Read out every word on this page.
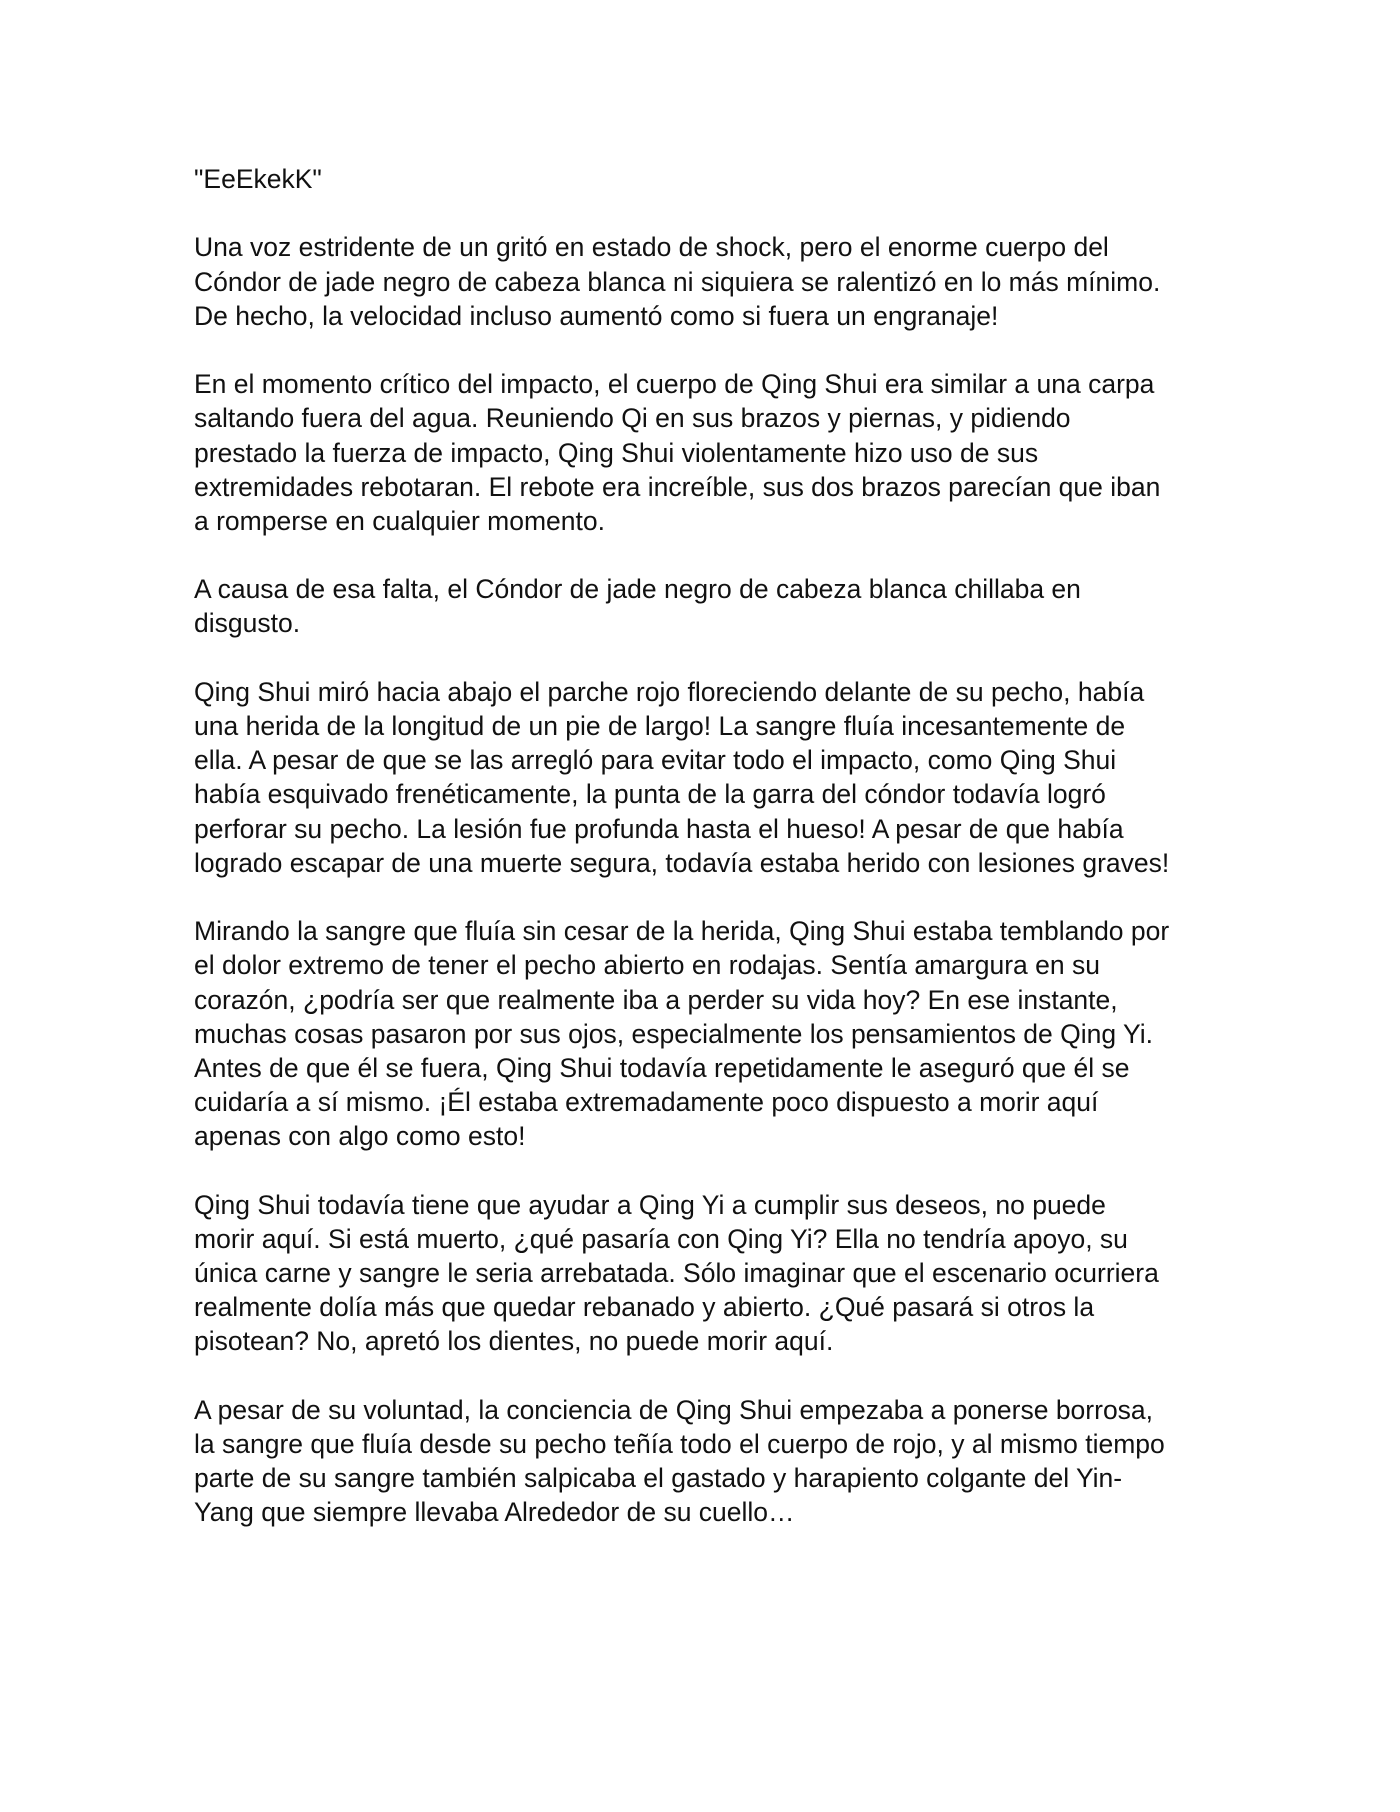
"EeEkekK"
Una voz estridente de un gritó en estado de shock, pero el enorme cuerpo del
Cóndor de jade negro de cabeza blanca ni siquiera se ralentizó en lo más mínimo.
De hecho, la velocidad incluso aumentó como si fuera un engranaje!
En el momento crítico del impacto, el cuerpo de Qing Shui era similar a una carpa
saltando fuera del agua. Reuniendo Qi en sus brazos y piernas, y pidiendo
prestado la fuerza de impacto, Qing Shui violentamente hizo uso de sus
extremidades rebotaran. El rebote era increíble, sus dos brazos parecían que iban
a romperse en cualquier momento.
A causa de esa falta, el Cóndor de jade negro de cabeza blanca chillaba en
disgusto.
Qing Shui miró hacia abajo el parche rojo floreciendo delante de su pecho, había
una herida de la longitud de un pie de largo! La sangre fluía incesantemente de
ella. A pesar de que se las arregló para evitar todo el impacto, como Qing Shui
había esquivado frenéticamente, la punta de la garra del cóndor todavía logró
perforar su pecho. La lesión fue profunda hasta el hueso! A pesar de que había
logrado escapar de una muerte segura, todavía estaba herido con lesiones graves!
Mirando la sangre que fluía sin cesar de la herida, Qing Shui estaba temblando por
el dolor extremo de tener el pecho abierto en rodajas. Sentía amargura en su
corazón, ¿podría ser que realmente iba a perder su vida hoy? En ese instante,
muchas cosas pasaron por sus ojos, especialmente los pensamientos de Qing Yi.
Antes de que él se fuera, Qing Shui todavía repetidamente le aseguró que él se
cuidaría a sí mismo. ¡Él estaba extremadamente poco dispuesto a morir aquí
apenas con algo como esto!
Qing Shui todavía tiene que ayudar a Qing Yi a cumplir sus deseos, no puede
morir aquí. Si está muerto, ¿qué pasaría con Qing Yi? Ella no tendría apoyo, su
única carne y sangre le seria arrebatada. Sólo imaginar que el escenario ocurriera
realmente dolía más que quedar rebanado y abierto. ¿Qué pasará si otros la
pisotean? No, apretó los dientes, no puede morir aquí.
A pesar de su voluntad, la conciencia de Qing Shui empezaba a ponerse borrosa,
la sangre que fluía desde su pecho teñía todo el cuerpo de rojo, y al mismo tiempo
parte de su sangre también salpicaba el gastado y harapiento colgante del Yin-
Yang que siempre llevaba Alrededor de su cuello…
